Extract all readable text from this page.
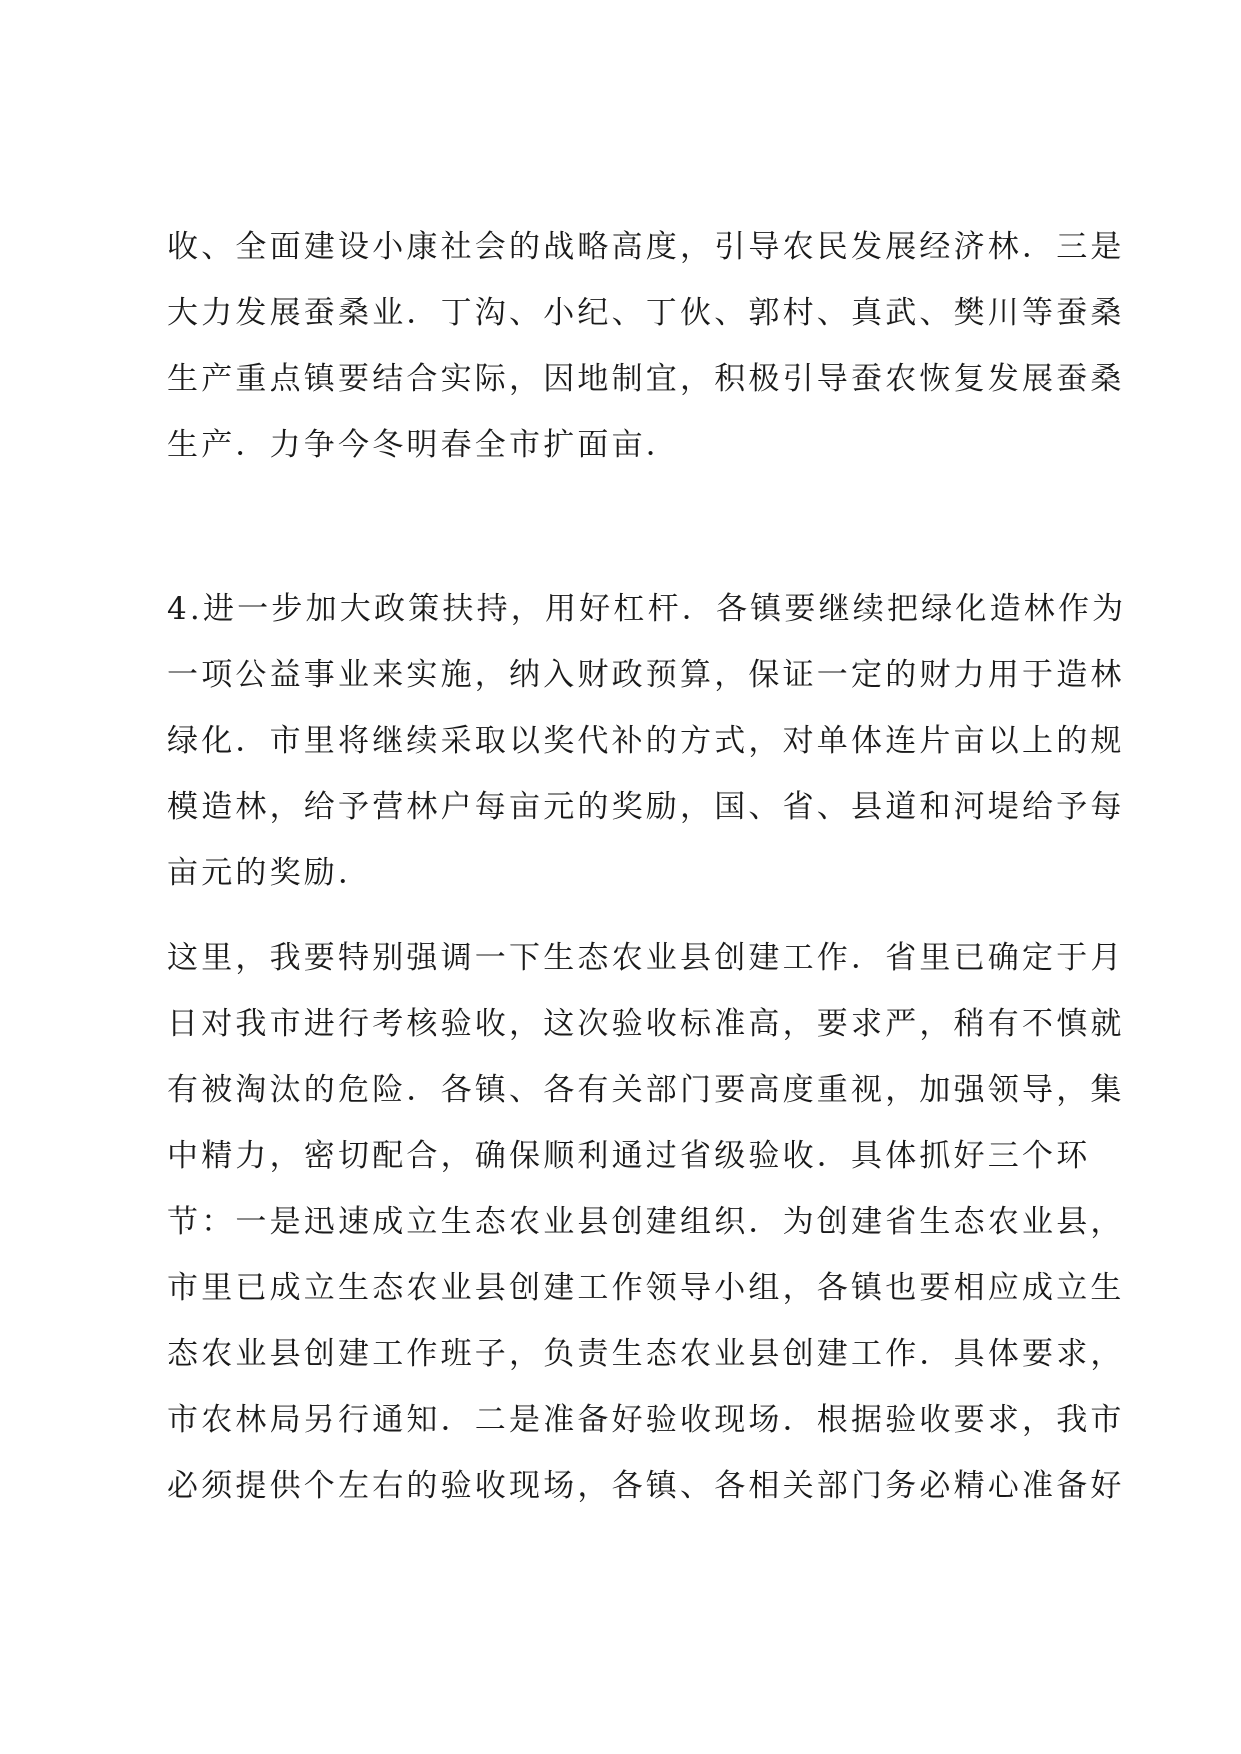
收、全面建设小康社会的战略高度，引导农民发展经济林．三是
大力发展蚕桑业．丁沟、小纪、丁伙、郭村、真武、樊川等蚕桑
生产重点镇要结合实际，因地制宜，积极引导蚕农恢复发展蚕桑
生产．力争今冬明春全市扩面亩．
4.进一步加大政策扶持，用好杠杆．各镇要继续把绿化造林作为
一项公益事业来实施，纳入财政预算，保证一定的财力用于造林
绿化．市里将继续采取以奖代补的方式，对单体连片亩以上的规
模造林，给予营林户每亩元的奖励，国、省、县道和河堤给予每
亩元的奖励．
这里，我要特别强调一下生态农业县创建工作．省里已确定于月
日对我市进行考核验收，这次验收标准高，要求严，稍有不慎就
有被淘汰的危险．各镇、各有关部门要高度重视，加强领导，集
中精力，密切配合，确保顺利通过省级验收．具体抓好三个环
节：一是迅速成立生态农业县创建组织．为创建省生态农业县，
市里已成立生态农业县创建工作领导小组，各镇也要相应成立生
态农业县创建工作班子，负责生态农业县创建工作．具体要求，
市农林局另行通知．二是准备好验收现场．根据验收要求，我市
必须提供个左右的验收现场，各镇、各相关部门务必精心准备好
